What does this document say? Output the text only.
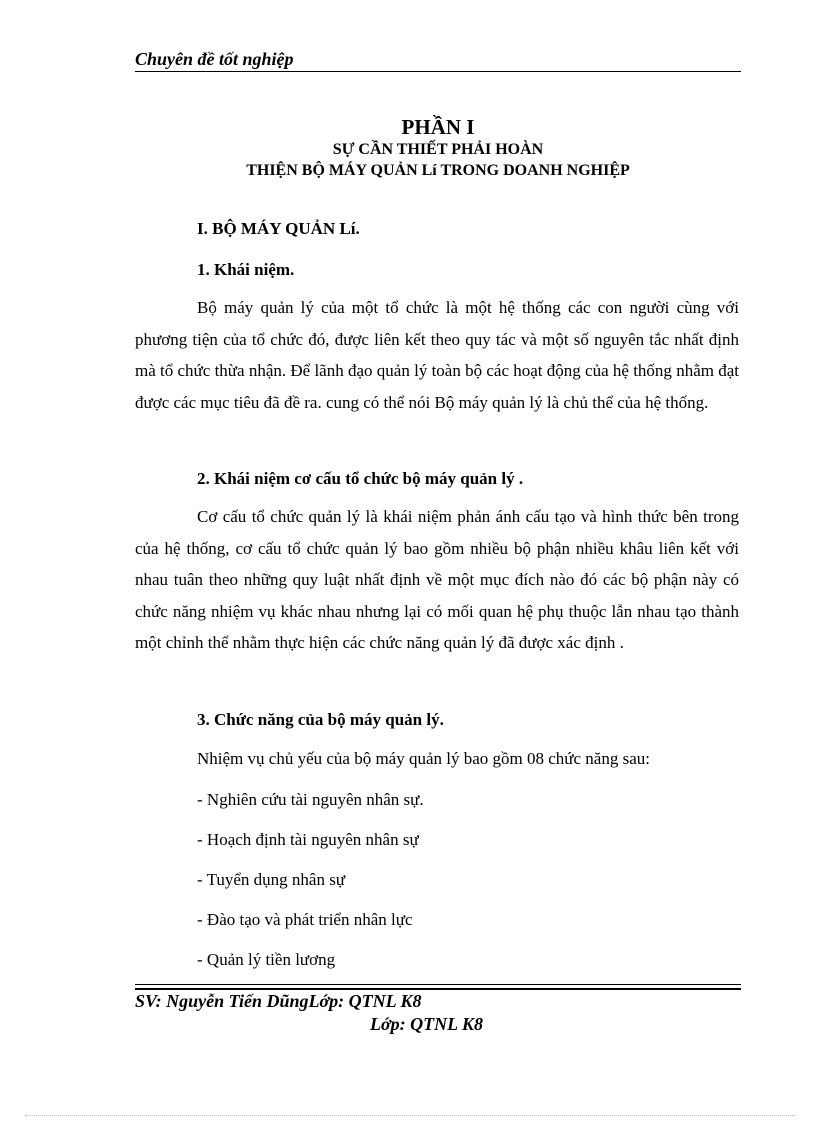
Chuyên đề tốt nghiệp
PHẦN I
SỰ CẦN THIẾT PHẢI HOÀN
THIỆN BỘ MÁY QUẢN Lí TRONG DOANH NGHIỆP
I. BỘ MÁY QUẢN Lí.
1. Khái niệm.
Bộ máy quản lý của một tổ chức là một hệ thống các con người cùng với phương tiện của tổ chức đó, được liên kết theo quy tác và một số nguyên tắc nhất định mà tổ chức thừa nhận. Để lãnh đạo quản lý toàn bộ các hoạt động của hệ thống nhằm đạt được các mục tiêu đã đề ra. cung có thể nói Bộ máy quản lý là chủ thể của hệ thống.
2. Khái niệm cơ cấu tổ chức bộ máy quản lý .
Cơ cấu tổ chức quản lý là khái niệm phản ánh cấu tạo và hình thức bên trong của hệ thống, cơ cấu tổ chức quản lý bao gồm nhiều bộ phận nhiều khâu liên kết với nhau tuân theo những quy luật nhất định về một mục đích nào đó các bộ phận này có chức năng nhiệm vụ khác nhau nhưng lại có mối quan hệ phụ thuộc lẫn nhau tạo thành một chỉnh thể nhằm thực hiện các chức năng quản lý đã được xác định .
3. Chức năng của bộ máy quản lý.
Nhiệm vụ chủ yếu của bộ máy quản lý bao gồm 08 chức năng sau:
- Nghiên cứu tài nguyên nhân sự.
- Hoạch định tài nguyên nhân sự
- Tuyển dụng nhân sự
- Đào tạo và phát triển nhân lực
- Quản lý tiền lương
SV: Nguyễn Tiến DũngLớp: QTNL K8
Lớp: QTNL K8
